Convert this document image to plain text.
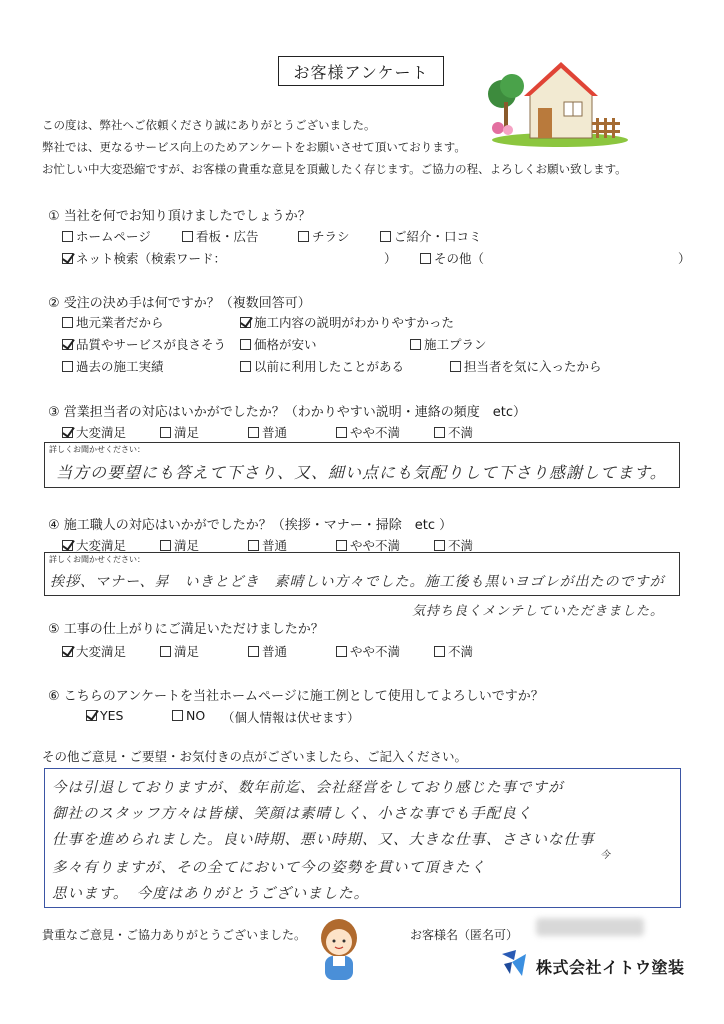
お客様アンケート
この度は、弊社へご依頼くださり誠にありがとうございました。
弊社では、更なるサービス向上のためアンケートをお願いさせて頂いております。
お忙しい中大変恐縮ですが、お客様の貴重な意見を頂戴したく存じます。ご協力の程、よろしくお願い致します。
① 当社を何でお知り頂けましたでしょうか？
ホームページ	看板・広告	チラシ	ご紹介・口コミ
ネット検索（検索ワード：	）	その他（	）
② 受注の決め手は何ですか？（複数回答可）
地元業者だから	施工内容の説明がわかりやすかった
品質やサービスが良さそう 価格が安い	施工プラン
過去の施工実績	以前に利用したことがある	担当者を気に入ったから
③ 営業担当者の対応はいかがでしたか？（わかりやすい説明・連絡の頻度　etc）
大変満足	満足	普通	やや不満	不満
詳しくお聞かせください：
当方の要望にも答えて下さり、又、細い点にも気配りして下さり感謝してます。
④ 施工職人の対応はいかがでしたか？（挨拶・マナー・掃除　etc ）
大変満足	満足	普通	やや不満	不満
詳しくお聞かせください：
挨拶、マナー、昇　いきとどき　素晴しい方々でした。施工後も黒いヨゴレが出たのですが
気持ち良くメンテしていただきました。
⑤ 工事の仕上がりにご満足いただけましたか？
大変満足	満足	普通	やや不満	不満
⑥ こちらのアンケートを当社ホームページに施工例として使用してよろしいですか？
YES	NO （個人情報は伏せます）
その他ご意見・ご要望・お気付きの点がございましたら、ご記入ください。
今は引退しておりますが、数年前迄、会社経営をしており感じた事ですが
御社のスタッフ方々は皆様、笑顔は素晴しく、小さな事でも手配良く
仕事を進められました。良い時期、悪い時期、又、大きな仕事、ささいな仕事
今
多々有りますが、その全てにおいて今の姿勢を貫いて頂きたく
思います。　今度はありがとうございました。
貴重なご意見・ご協力ありがとうございました。	お客様名（匿名可）
株式会社イトウ塗装
